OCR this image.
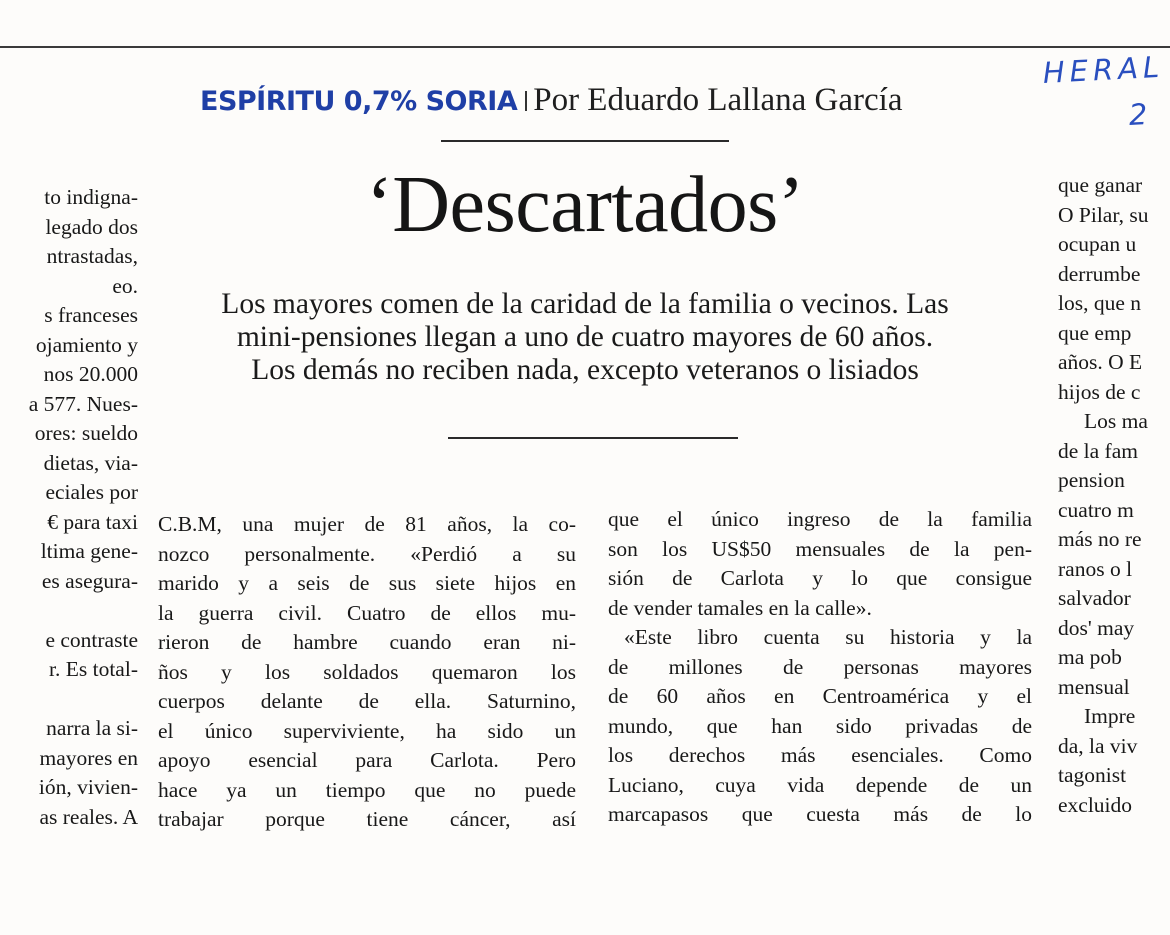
ESPÍRITU 0,7% SORIA Por Eduardo Lallana García
HERAL
2
‘Descartados’
Los mayores comen de la caridad de la familia o vecinos. Las
mini-pensiones llegan a uno de cuatro mayores de 60 años.
Los demás no reciben nada, excepto veteranos o lisiados

to indigna-

legado dos

ntrastadas,

eo.

s franceses

ojamiento y

nos 20.000

a 577. Nues-

ores: sueldo

dietas, via-

eciales por

€ para taxi

ltima gene-

es asegura-

e contraste

r. Es total-

narra la si-

mayores en

ión, vivien-

as reales. A

C.B.M, una mujer de 81 años, la co-

nozco personalmente. «Perdió a su

marido y a seis de sus siete hijos en

la guerra civil. Cuatro de ellos mu-

rieron de hambre cuando eran ni-

ños y los soldados quemaron los

cuerpos delante de ella. Saturnino,

el único superviviente, ha sido un

apoyo esencial para Carlota. Pero

hace ya un tiempo que no puede

trabajar porque tiene cáncer, así

que el único ingreso de la familia

son los US$50 mensuales de la pen-

sión de Carlota y lo que consigue

de vender tamales en la calle».

«Este libro cuenta su historia y la

de millones de personas mayores

de 60 años en Centroamérica y el

mundo, que han sido privadas de

los derechos más esenciales. Como

Luciano, cuya vida depende de un

marcapasos que cuesta más de lo

que ganar

O Pilar, su

ocupan u

derrumbe

los, que n

que emp

años. O E

hijos de c

Los ma

de la fam

pension

cuatro m

más no re

ranos o l

salvador

dos' may

ma pob

mensual

Impre

da, la viv

tagonist

excluido
